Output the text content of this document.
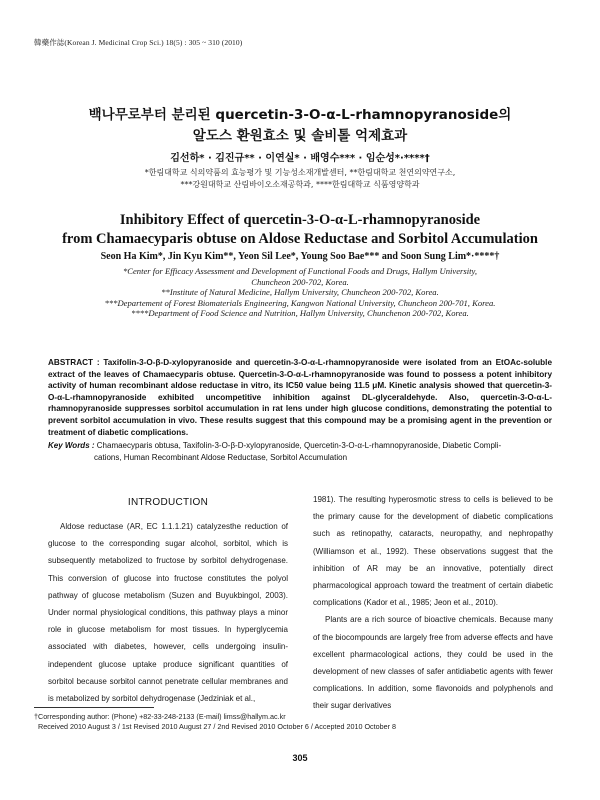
韓藥作誌(Korean J. Medicinal Crop Sci.) 18(5) : 305 ~ 310 (2010)
백나무로부터 분리된 quercetin-3-O-α-L-rhamnopyranoside의
알도스 환원효소 및 솔비톨 억제효과
김선하* · 김진규** · 이연실* · 배영수*** · 임순성*·****†
*한림대학교 식의약품의 효능평가 및 기능성소재개발센터, **한림대학교 천연의약연구소,
***강원대학교 산림바이오소재공학과, ****한림대학교 식품영양학과
Inhibitory Effect of quercetin-3-O-α-L-rhamnopyranoside
from Chamaecyparis obtuse on Aldose Reductase and Sorbitol Accumulation
Seon Ha Kim*, Jin Kyu Kim**, Yeon Sil Lee*, Young Soo Bae*** and Soon Sung Lim*·****†
*Center for Efficacy Assessment and Development of Functional Foods and Drugs, Hallym University,
Chuncheon 200-702, Korea.
**Institute of Natural Medicine, Hallym University, Chuncheon 200-702, Korea.
***Departement of Forest Biomaterials Engineering, Kangwon National University, Chuncheon 200-701, Korea.
****Department of Food Science and Nutrition, Hallym University, Chunchenon 200-702, Korea.
ABSTRACT : Taxifolin-3-O-β-D-xylopyranoside and quercetin-3-O-α-L-rhamnopyranoside were isolated from an EtOAc-soluble extract of the leaves of Chamaecyparis obtuse. Quercetin-3-O-α-L-rhamnopyranoside was found to possess a potent inhibitory activity of human recombinant aldose reductase in vitro, its IC50 value being 11.5 μM. Kinetic analysis showed that quercetin-3-O-α-L-rhamnopyranoside exhibited uncompetitive inhibition against DL-glyceraldehyde. Also, quercetin-3-O-α-L-rhamnopyranoside suppresses sorbitol accumulation in rat lens under high glucose conditions, demonstrating the potential to prevent sorbitol accumulation in vivo. These results suggest that this compound may be a promising agent in the prevention or treatment of diabetic complications.
Key Words : Chamaecyparis obtusa, Taxifolin-3-O-β-D-xylopyranoside, Quercetin-3-O-α-L-rhamnopyranoside, Diabetic Compli-
cations, Human Recombinant Aldose Reductase, Sorbitol Accumulation
INTRODUCTION

Aldose reductase (AR, EC 1.1.1.21) catalyzesthe reduction of glucose to the corresponding sugar alcohol, sorbitol, which is subsequently metabolized to fructose by sorbitol dehydrogenase. This conversion of glucose into fructose constitutes the polyol pathway of glucose metabolism (Suzen and Buyukbingol, 2003). Under normal physiological conditions, this pathway plays a minor role in glucose metabolism for most tissues. In hyperglycemia associated with diabetes, however, cells undergoing insulin-independent glucose uptake produce significant quantities of sorbitol because sorbitol cannot penetrate cellular membranes and is metabolized by sorbitol dehydrogenase (Jedziniak et al.,

1981). The resulting hyperosmotic stress to cells is believed to be the primary cause for the development of diabetic complications such as retinopathy, cataracts, neuropathy, and nephropathy (Williamson et al., 1992). These observations suggest that the inhibition of AR may be an innovative, potentially direct pharmacological approach toward the treatment of certain diabetic complications (Kador et al., 1985; Jeon et al., 2010).

Plants are a rich source of bioactive chemicals. Because many of the biocompounds are largely free from adverse effects and have excellent pharmacological actions, they could be used in the development of new classes of safer antidiabetic agents with fewer complications. In addition, some flavonoids and polyphenols and their sugar derivatives

†Corresponding author: (Phone) +82-33-248-2133 (E-mail) limss@hallym.ac.kr
Received 2010 August 3 / 1st Revised 2010 August 27 / 2nd Revised 2010 October 6 / Accepted 2010 October 8
305
